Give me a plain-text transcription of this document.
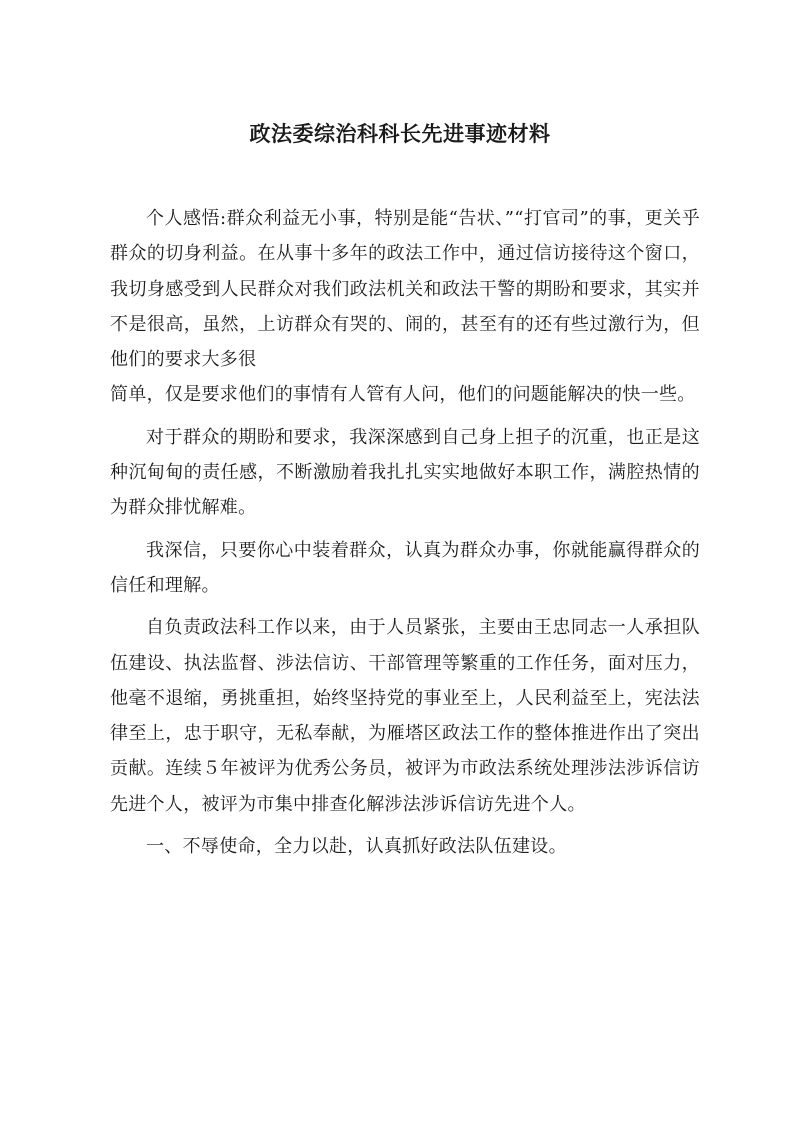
政法委综治科科长先进事迹材料

个人感悟:群众利益无小事，特别是能“告状、”“打官司”的事，更关乎群众的切身利益。在从事十多年的政法工作中，通过信访接待这个窗口，我切身感受到人民群众对我们政法机关和政法干警的期盼和要求，其实并不是很高，虽然，上访群众有哭的、闹的，甚至有的还有些过激行为，但他们的要求大多很

简单，仅是要求他们的事情有人管有人问，他们的问题能解决的快一些。

对于群众的期盼和要求，我深深感到自己身上担子的沉重，也正是这种沉甸甸的责任感，不断激励着我扎扎实实地做好本职工作，满腔热情的为群众排忧解难。

我深信，只要你心中装着群众，认真为群众办事，你就能赢得群众的信任和理解。

自负责政法科工作以来，由于人员紧张，主要由王忠同志一人承担队伍建设、执法监督、涉法信访、干部管理等繁重的工作任务，面对压力，他毫不退缩，勇挑重担，始终坚持党的事业至上，人民利益至上，宪法法律至上，忠于职守，无私奉献，为雁塔区政法工作的整体推进作出了突出贡献。连续５年被评为优秀公务员，被评为市政法系统处理涉法涉诉信访先进个人，被评为市集中排查化解涉法涉诉信访先进个人。

一、不辱使命，全力以赴，认真抓好政法队伍建设。
